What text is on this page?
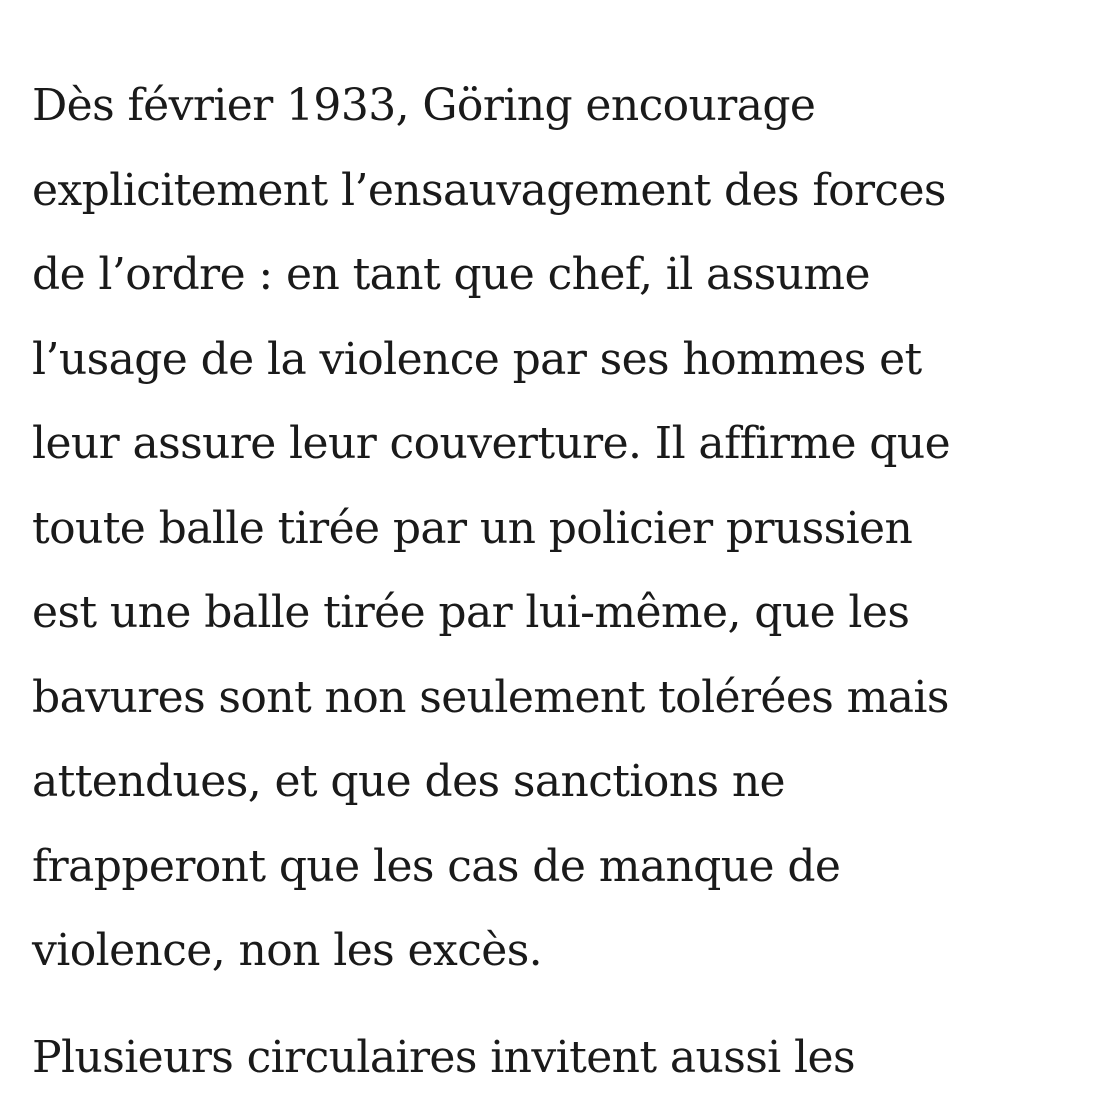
Dès février 1933, Göring encourage
explicitement l’ensauvagement des forces
de l’ordre : en tant que chef, il assume
l’usage de la violence par ses hommes et
leur assure leur couverture. Il affirme que
toute balle tirée par un policier prussien
est une balle tirée par lui-même, que les
bavures sont non seulement tolérées mais
attendues, et que des sanctions ne
frapperont que les cas de manque de
violence, non les excès.

Plusieurs circulaires invitent aussi les
